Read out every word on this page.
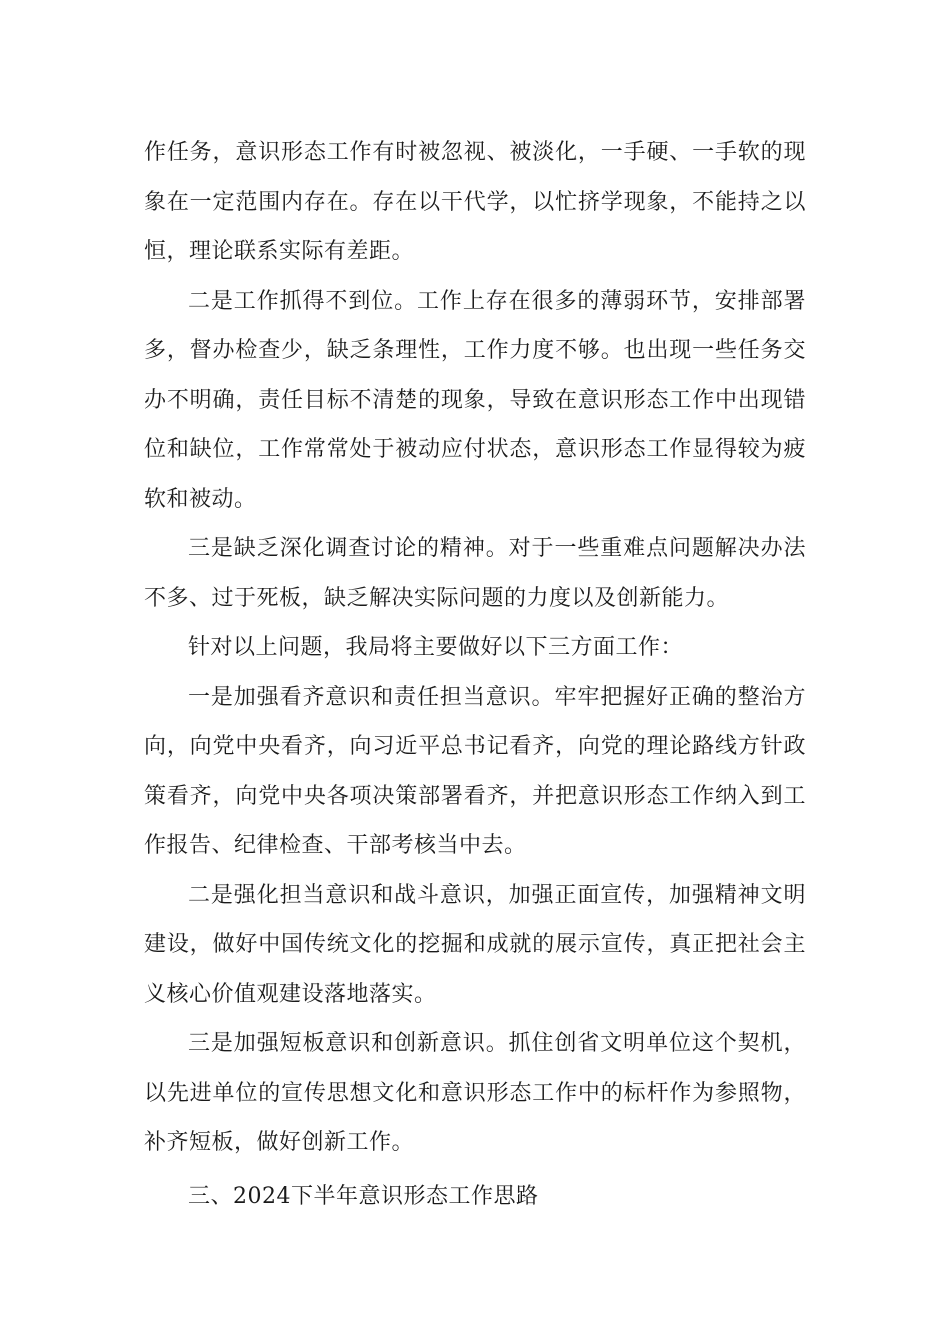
作任务，意识形态工作有时被忽视、被淡化，一手硬、一手软的现象在一定范围内存在。存在以干代学，以忙挤学现象，不能持之以恒，理论联系实际有差距。

二是工作抓得不到位。工作上存在很多的薄弱环节，安排部署多，督办检查少，缺乏条理性，工作力度不够。也出现一些任务交办不明确，责任目标不清楚的现象，导致在意识形态工作中出现错位和缺位，工作常常处于被动应付状态，意识形态工作显得较为疲软和被动。

三是缺乏深化调查讨论的精神。对于一些重难点问题解决办法不多、过于死板，缺乏解决实际问题的力度以及创新能力。

针对以上问题，我局将主要做好以下三方面工作：

一是加强看齐意识和责任担当意识。牢牢把握好正确的整治方向，向党中央看齐，向习近平总书记看齐，向党的理论路线方针政策看齐，向党中央各项决策部署看齐，并把意识形态工作纳入到工作报告、纪律检查、干部考核当中去。

二是强化担当意识和战斗意识，加强正面宣传，加强精神文明建设，做好中国传统文化的挖掘和成就的展示宣传，真正把社会主义核心价值观建设落地落实。

三是加强短板意识和创新意识。抓住创省文明单位这个契机，以先进单位的宣传思想文化和意识形态工作中的标杆作为参照物，补齐短板，做好创新工作。

三、2024下半年意识形态工作思路
